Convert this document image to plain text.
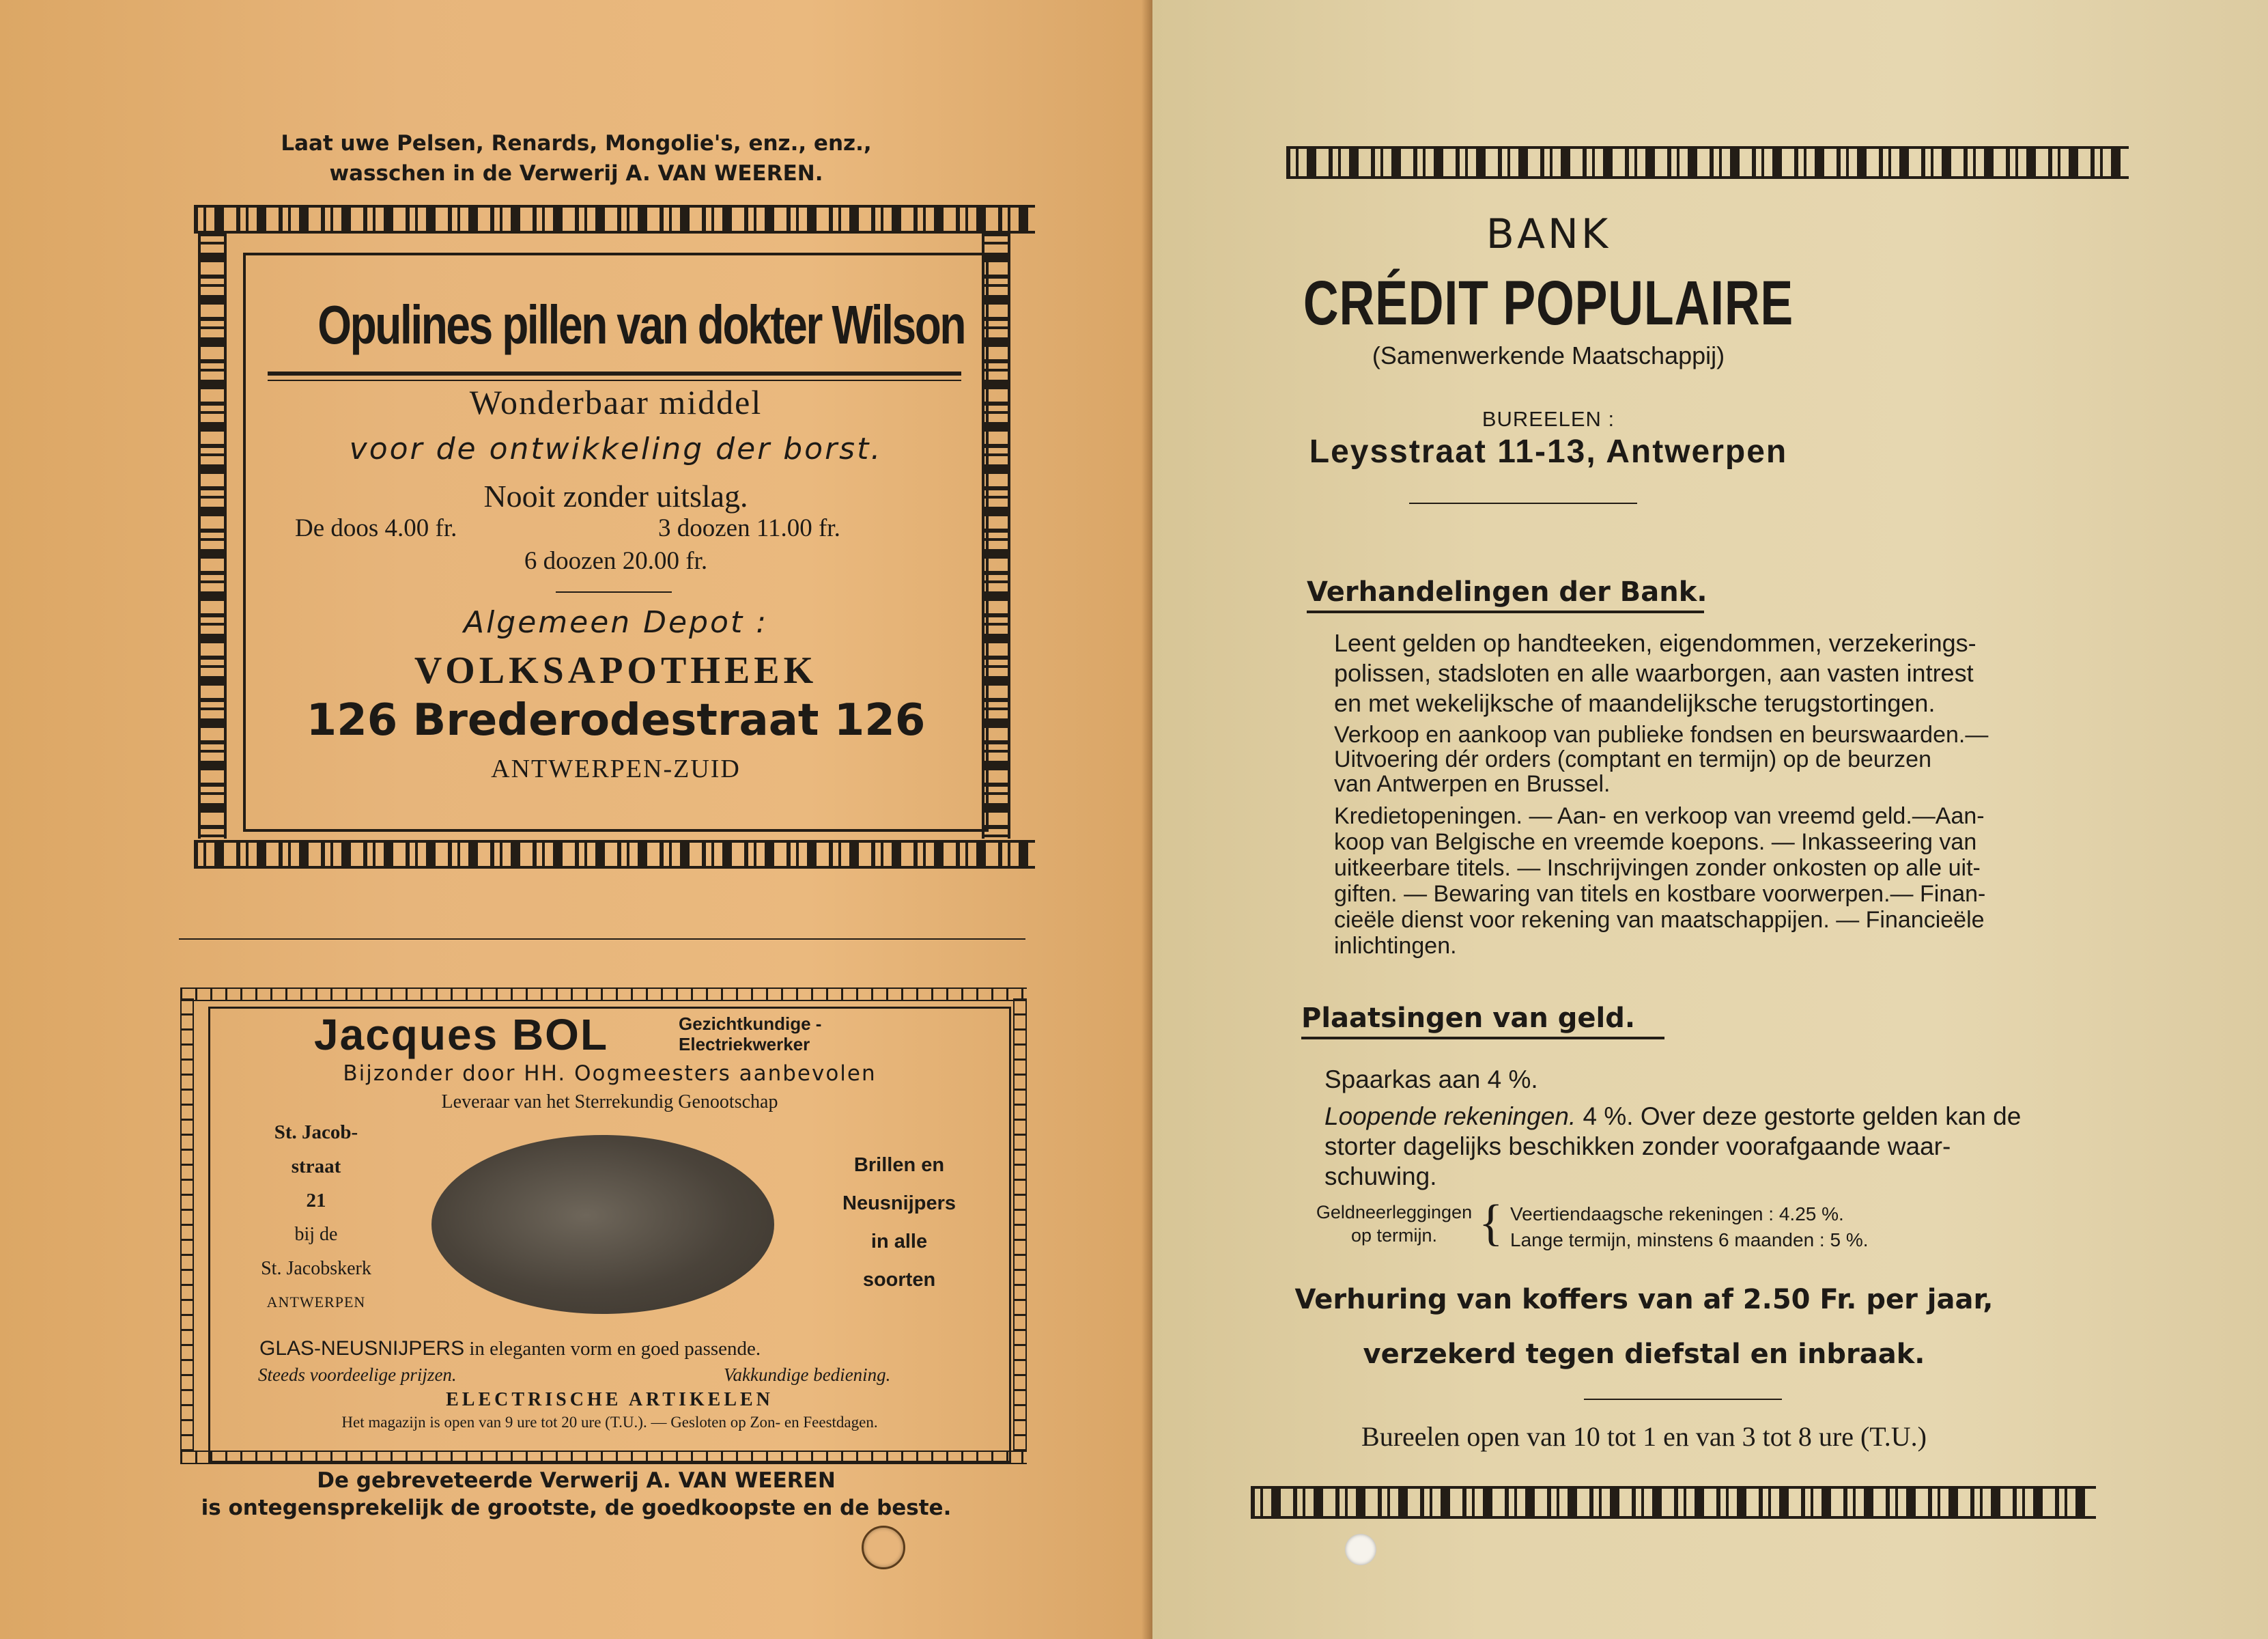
Laat uwe Pelsen, Renards, Mongolie's, enz., enz.,
wasschen in de Verwerij A. VAN WEEREN.
Opulines pillen van dokter Wilson
Wonderbaar middel
voor de ontwikkeling der borst.
Nooit zonder uitslag.
De doos 4.00 fr.	3 doozen 11.00 fr.
6 doozen 20.00 fr.
Algemeen Depot :
VOLKSAPOTHEEK
126 Brederodestraat 126
ANTWERPEN-ZUID
Jacques BOL	Gezichtkundige -
Electriekwerker
Bijzonder door HH. Oogmeesters aanbevolen
Leveraar van het Sterrekundig Genootschap
St. Jacob-
straat
21
bij de
St. Jacobskerk
ANTWERPEN
Brillen en
Neusnijpers
in alle
soorten
GLAS-NEUSNIJPERS in eleganten vorm en goed passende.
Steeds voordeelige prijzen.	Vakkundige bediening.
ELECTRISCHE ARTIKELEN
Het magazijn is open van 9 ure tot 20 ure (T.U.). — Gesloten op Zon- en Feestdagen.
De gebreveteerde Verwerij A. VAN WEEREN
is ontegensprekelijk de grootste, de goedkoopste en de beste.
BANK
CRÉDIT POPULAIRE
(Samenwerkende Maatschappij)
BUREELEN :
Leysstraat 11-13, Antwerpen
Verhandelingen der Bank.
Leent gelden op handteeken, eigendommen, verzekerings-
polissen, stadsloten en alle waarborgen, aan vasten intrest
en met wekelijksche of maandelijksche terugstortingen.
Verkoop en aankoop van publieke fondsen en beurswaarden.—
Uitvoering dér orders (comptant en termijn) op de beurzen
van Antwerpen en Brussel.
Kredietopeningen. — Aan- en verkoop van vreemd geld.—Aan-
koop van Belgische en vreemde koepons. — Inkasseering van
uitkeerbare titels. — Inschrijvingen zonder onkosten op alle uit-
giften. — Bewaring van titels en kostbare voorwerpen.— Finan-
cieële dienst voor rekening van maatschappijen. — Financieële
inlichtingen.
Plaatsingen van geld.
Spaarkas aan 4 %.
Loopende rekeningen. 4 %. Over deze gestorte gelden kan de
storter dagelijks beschikken zonder voorafgaande waar-
schuwing.
Geldneerleggingen
op termijn. { Veertiendaagsche rekeningen : 4.25 %.
Lange termijn, minstens 6 maanden : 5 %.
Verhuring van koffers van af 2.50 Fr. per jaar,
verzekerd tegen diefstal en inbraak.
Bureelen open van 10 tot 1 en van 3 tot 8 ure (T.U.)
